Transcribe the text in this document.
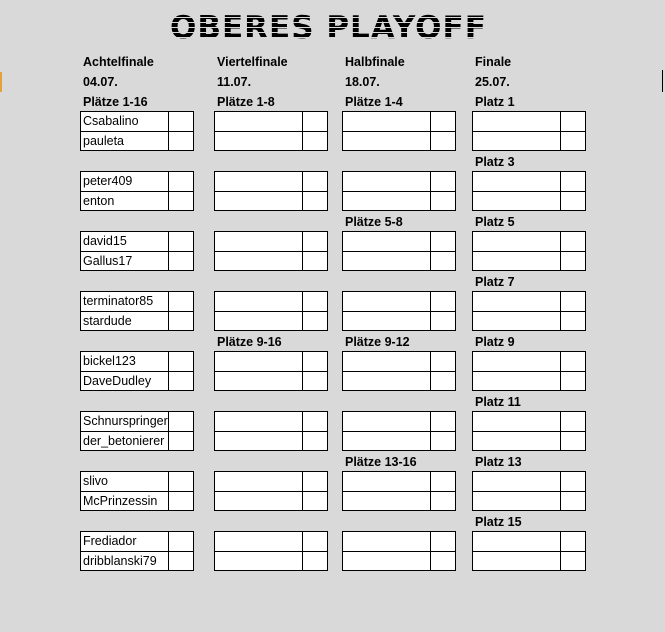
OBERES PLAYOFF
Achtelfinale
04.07.
Viertelfinale
11.07.
Halbfinale
18.07.
Finale
25.07.
Plätze 1-16	Plätze 1-8
Plätze 9-16
Plätze 1-4
Plätze 5-8
Plätze 9-12
Plätze 13-16
Platz 1
Platz 3
Platz 5
Platz 7
Platz 9
Platz 11
Platz 13
Platz 15
Csabalino
pauleta
peter409
enton
david15
Gallus17
terminator85
stardude
bickel123
DaveDudley
Schnurspringer
der_betonierer
slivo
McPrinzessin
Frediador
dribblanski79
